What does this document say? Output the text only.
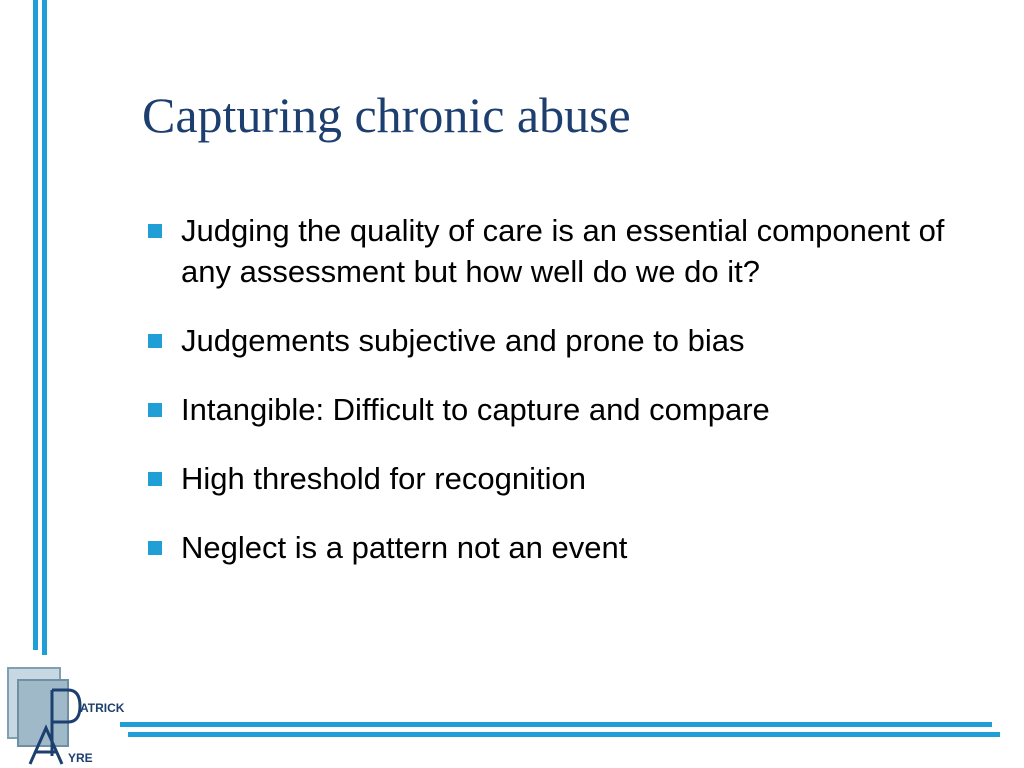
Capturing chronic abuse
Judging the quality of care is an essential component of any assessment but how well do we do it?
Judgements subjective and prone to bias
Intangible: Difficult to capture and compare
High threshold for recognition
Neglect is a pattern not an event
ATRICK
YRE
